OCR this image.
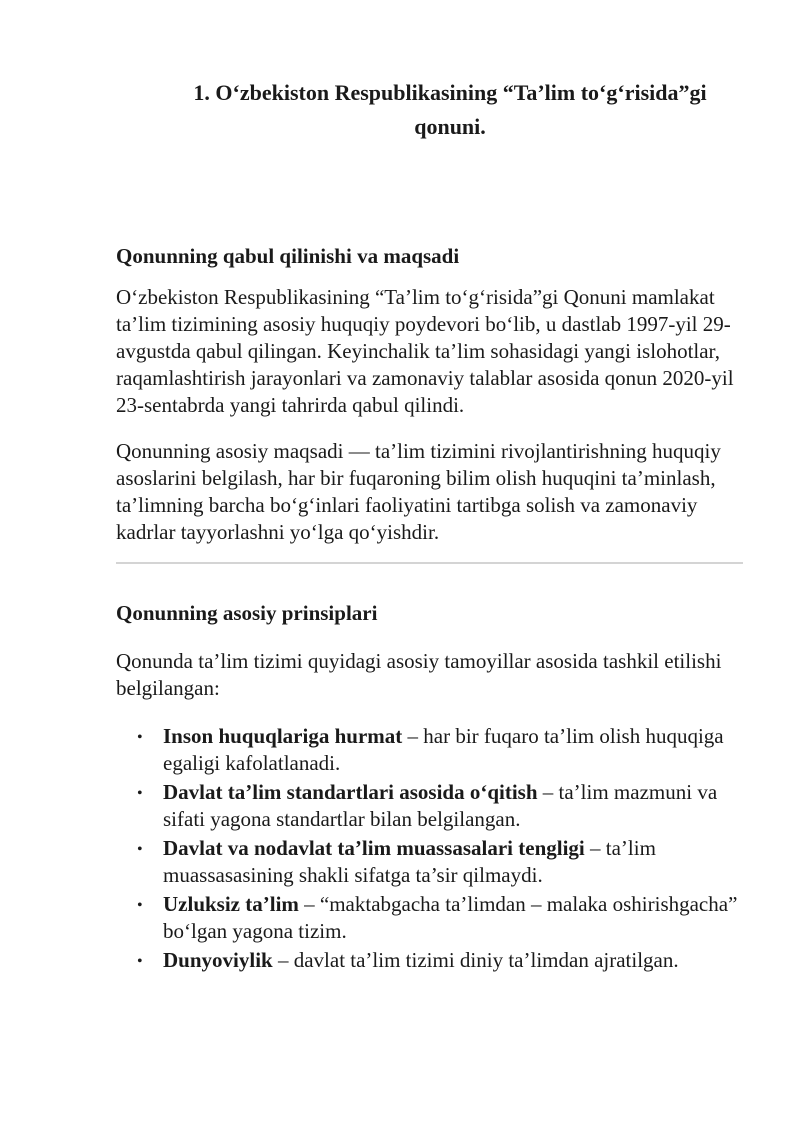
1. O‘zbekiston Respublikasining “Ta’lim to‘g‘risida”gi qonuni.
Qonunning qabul qilinishi va maqsadi

O‘zbekiston Respublikasining “Ta’lim to‘g‘risida”gi Qonuni mamlakat ta’lim tizimining asosiy huquqiy poydevori bo‘lib, u dastlab 1997-yil 29-avgustda qabul qilingan. Keyinchalik ta’lim sohasidagi yangi islohotlar, raqamlashtirish jarayonlari va zamonaviy talablar asosida qonun 2020-yil 23-sentabrda yangi tahrirda qabul qilindi.

Qonunning asosiy maqsadi — ta’lim tizimini rivojlantirishning huquqiy asoslarini belgilash, har bir fuqaroning bilim olish huquqini ta’minlash, ta’limning barcha bo‘g‘inlari faoliyatini tartibga solish va zamonaviy kadrlar tayyorlashni yo‘lga qo‘yishdir.

Qonunning asosiy prinsiplari

Qonunda ta’lim tizimi quyidagi asosiy tamoyillar asosida tashkil etilishi belgilangan:

• Inson huquqlariga hurmat – har bir fuqaro ta’lim olish huquqiga egaligi kafolatlanadi.
• Davlat ta’lim standartlari asosida o‘qitish – ta’lim mazmuni va sifati yagona standartlar bilan belgilangan.
• Davlat va nodavlat ta’lim muassasalari tengligi – ta’lim muassasasining shakli sifatga ta’sir qilmaydi.
• Uzluksiz ta’lim – “maktabgacha ta’limdan – malaka oshirishgacha” bo‘lgan yagona tizim.
• Dunyoviylik – davlat ta’lim tizimi diniy ta’limdan ajratilgan.
